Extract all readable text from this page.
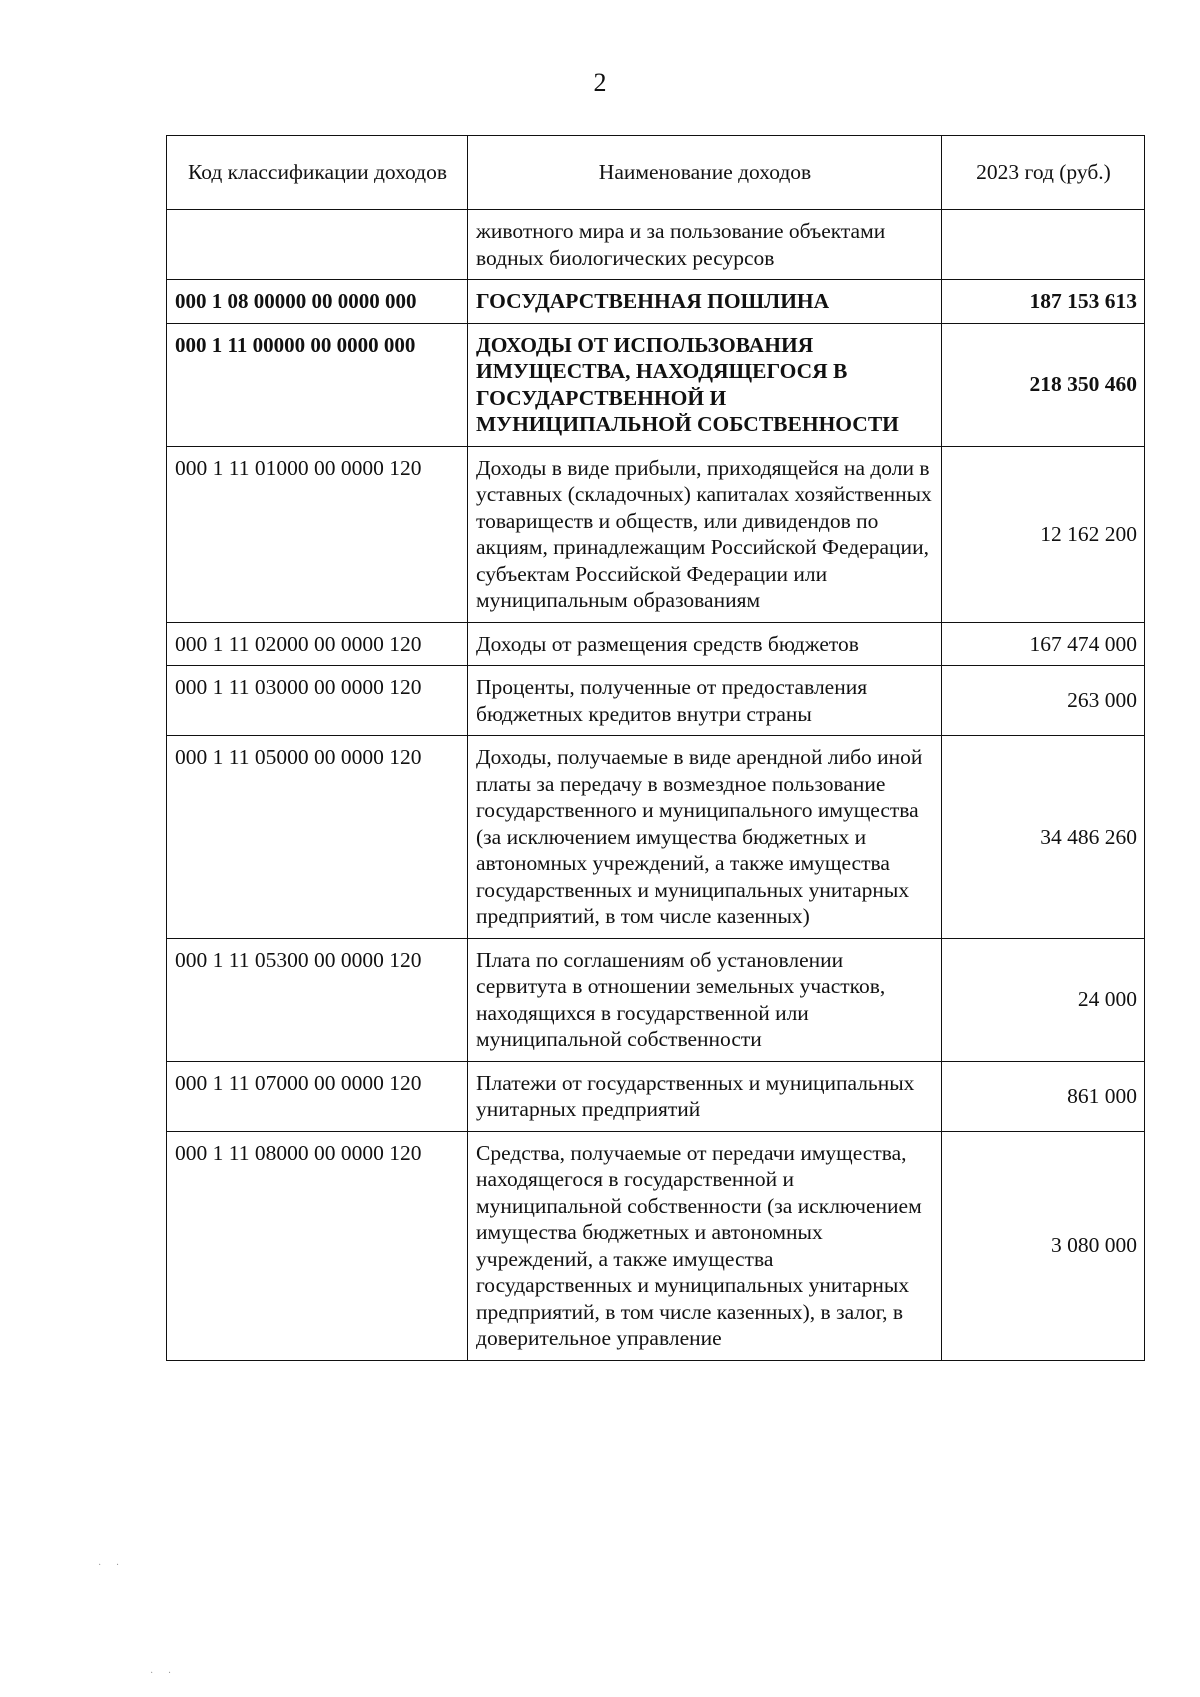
2
Код классификации доходов	Наименование доходов	2023 год (руб.)
	животного мира и за пользование объектами водных биологических ресурсов	
000 1 08 00000 00 0000 000	ГОСУДАРСТВЕННАЯ ПОШЛИНА	187 153 613
000 1 11 00000 00 0000 000	ДОХОДЫ ОТ ИСПОЛЬЗОВАНИЯ ИМУЩЕСТВА, НАХОДЯЩЕГОСЯ В ГОСУДАРСТВЕННОЙ И МУНИЦИПАЛЬНОЙ СОБСТВЕННОСТИ	218 350 460
000 1 11 01000 00 0000 120	Доходы в виде прибыли, приходящейся на доли в уставных (складочных) капиталах хозяйственных товариществ и обществ, или дивидендов по акциям, принадлежащим Российской Федерации, субъектам Российской Федерации или муниципальным образованиям	12 162 200
000 1 11 02000 00 0000 120	Доходы от размещения средств бюджетов	167 474 000
000 1 11 03000 00 0000 120	Проценты, полученные от предоставления бюджетных кредитов внутри страны	263 000
000 1 11 05000 00 0000 120	Доходы, получаемые в виде арендной либо иной платы за передачу в возмездное пользование государственного и муниципального имущества (за исключением имущества бюджетных и автономных учреждений, а также имущества государственных и муниципальных унитарных предприятий, в том числе казенных)	34 486 260
000 1 11 05300 00 0000 120	Плата по соглашениям об установлении сервитута в отношении земельных участков, находящихся в государственной или муниципальной собственности	24 000
000 1 11 07000 00 0000 120	Платежи от государственных и муниципальных унитарных предприятий	861 000
000 1 11 08000 00 0000 120	Средства, получаемые от передачи имущества, находящегося в государственной и муниципальной собственности (за исключением имущества бюджетных и автономных учреждений, а также имущества государственных и муниципальных унитарных предприятий, в том числе казенных), в залог, в доверительное управление	3 080 000
· ·
· ·
